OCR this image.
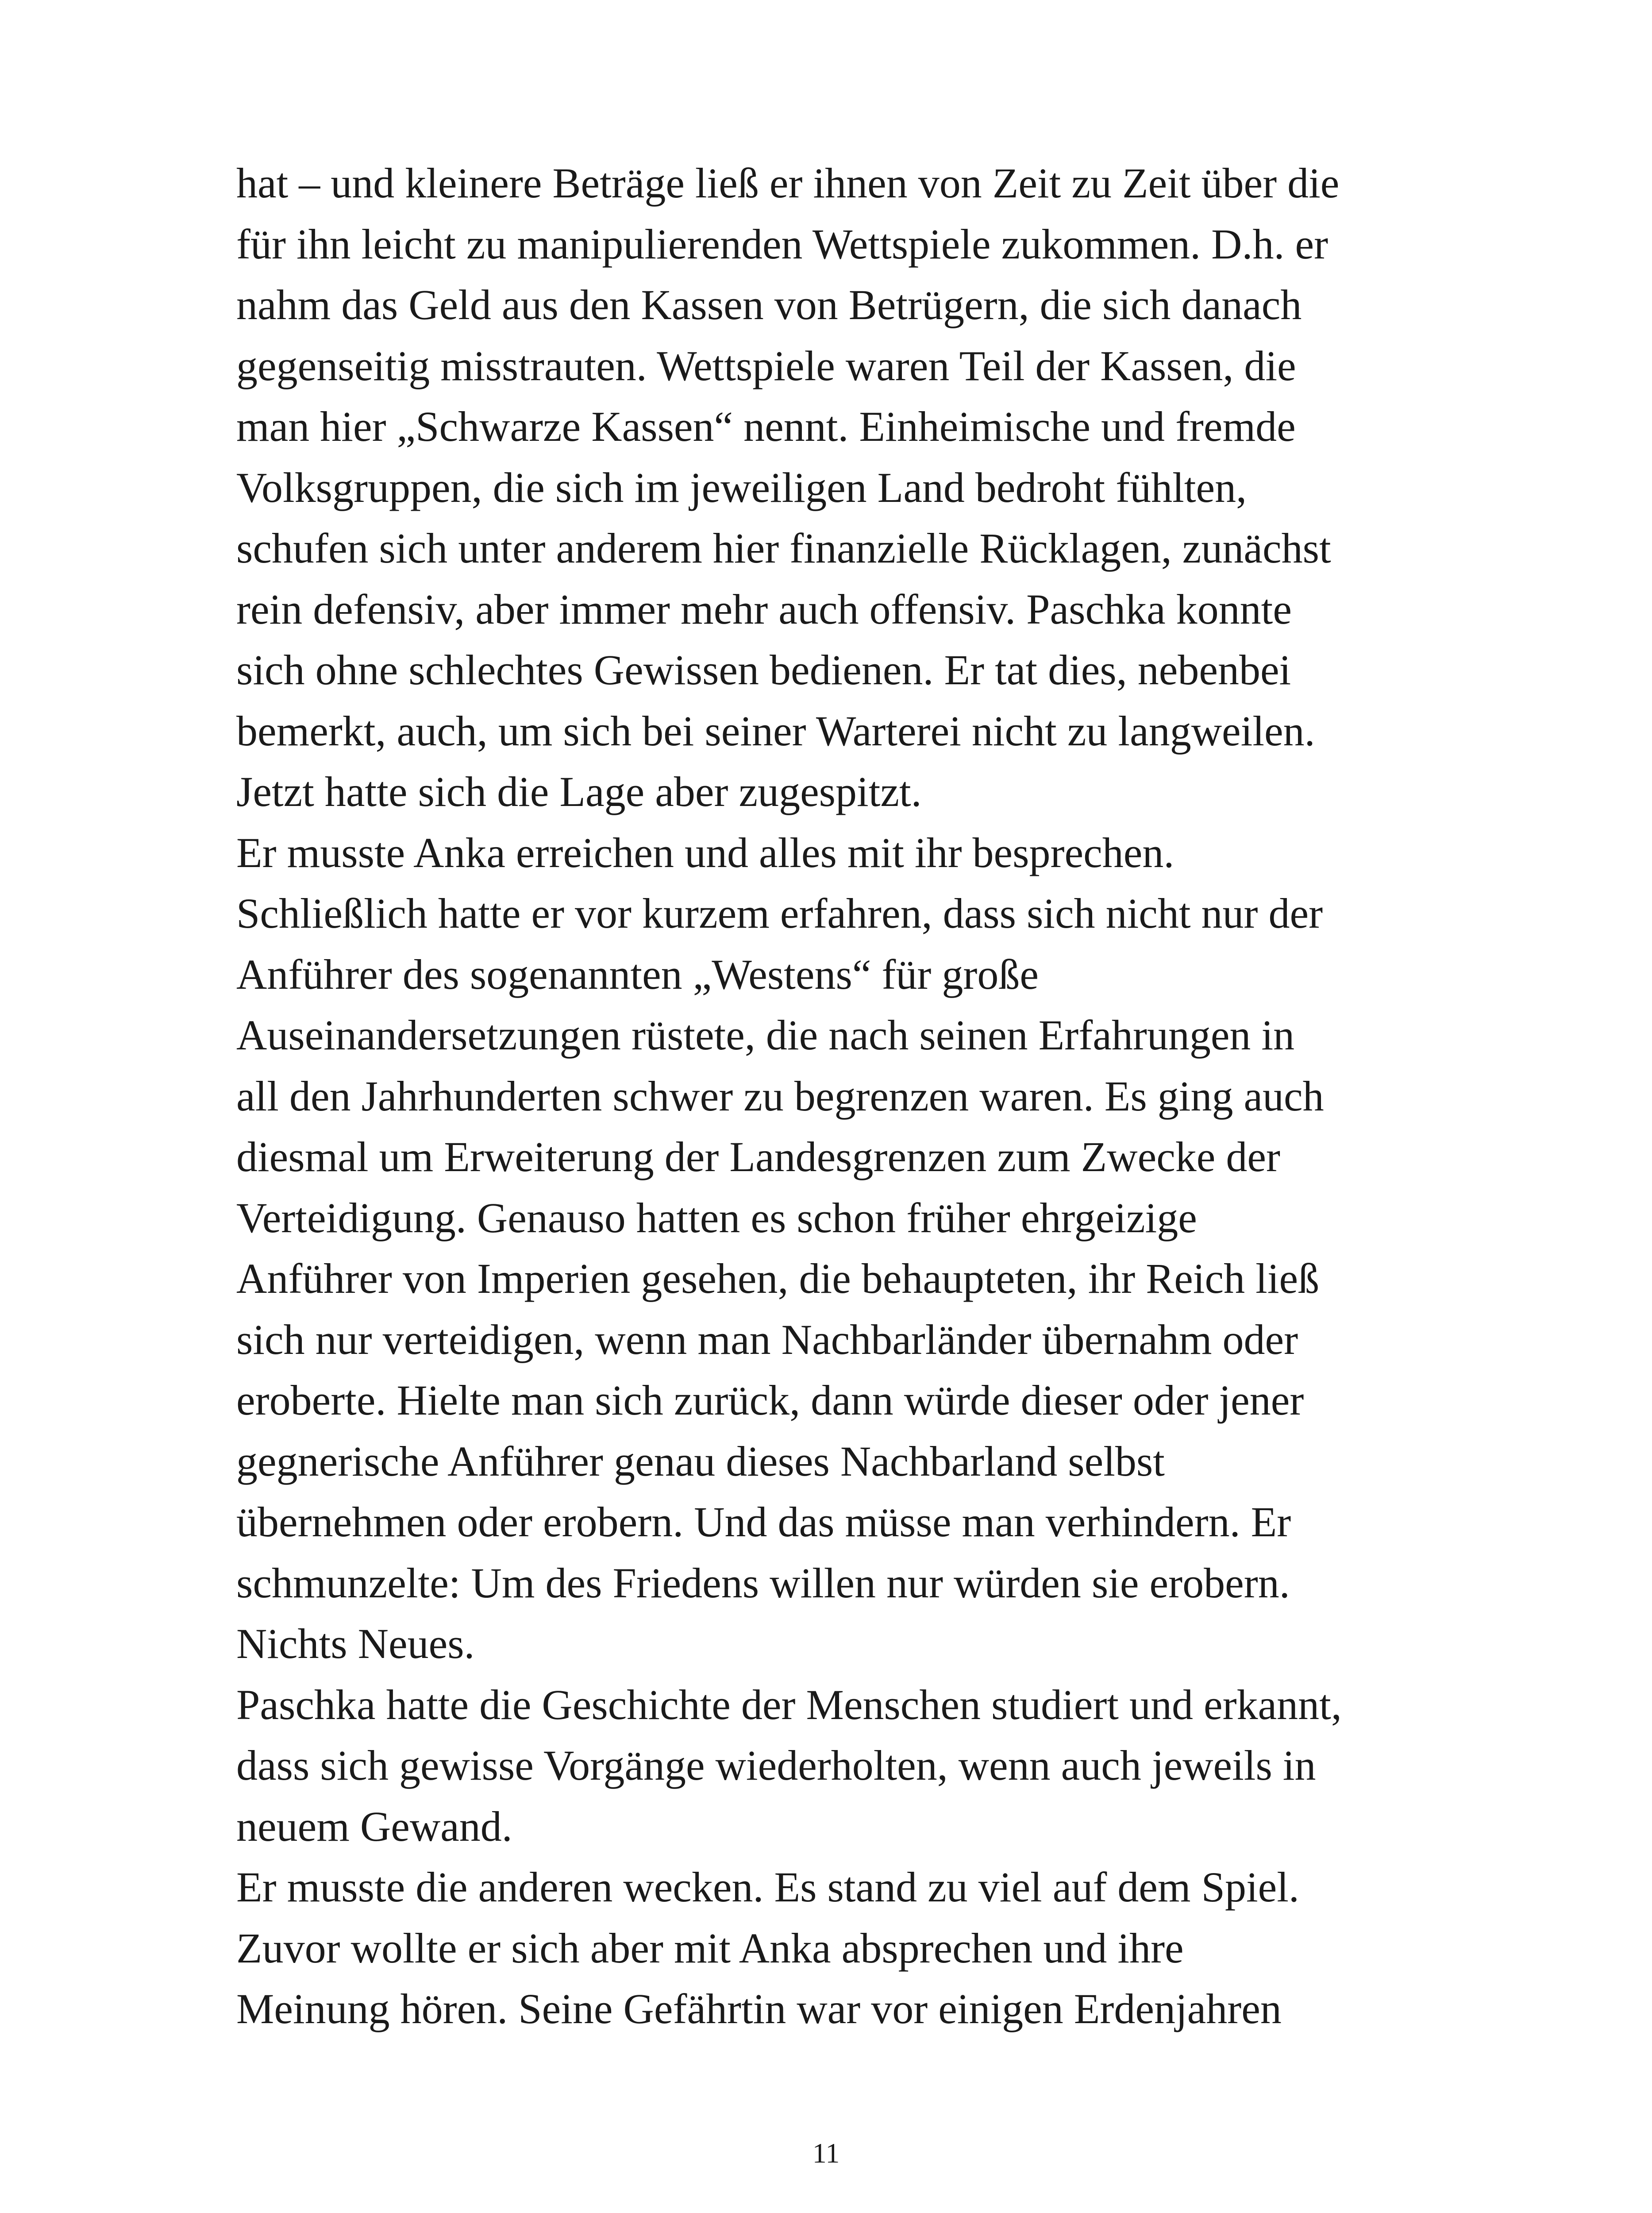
hat – und kleinere Beträge ließ er ihnen von Zeit zu Zeit über die
für ihn leicht zu manipulierenden Wettspiele zukommen. D.h. er
nahm das Geld aus den Kassen von Betrügern, die sich danach
gegenseitig misstrauten. Wettspiele waren Teil der Kassen, die
man hier „Schwarze Kassen“ nennt. Einheimische und fremde
Volksgruppen, die sich im jeweiligen Land bedroht fühlten,
schufen sich unter anderem hier finanzielle Rücklagen, zunächst
rein defensiv, aber immer mehr auch offensiv. Paschka konnte
sich ohne schlechtes Gewissen bedienen. Er tat dies, nebenbei
bemerkt, auch, um sich bei seiner Warterei nicht zu langweilen.
Jetzt hatte sich die Lage aber zugespitzt.
Er musste Anka erreichen und alles mit ihr besprechen.
Schließlich hatte er vor kurzem erfahren, dass sich nicht nur der
Anführer des sogenannten „Westens“ für große
Auseinandersetzungen rüstete, die nach seinen Erfahrungen in
all den Jahrhunderten schwer zu begrenzen waren. Es ging auch
diesmal um Erweiterung der Landesgrenzen zum Zwecke der
Verteidigung. Genauso hatten es schon früher ehrgeizige
Anführer von Imperien gesehen, die behaupteten, ihr Reich ließ
sich nur verteidigen, wenn man Nachbarländer übernahm oder
eroberte. Hielte man sich zurück, dann würde dieser oder jener
gegnerische Anführer genau dieses Nachbarland selbst
übernehmen oder erobern. Und das müsse man verhindern. Er
schmunzelte: Um des Friedens willen nur würden sie erobern.
Nichts Neues.
Paschka hatte die Geschichte der Menschen studiert und erkannt,
dass sich gewisse Vorgänge wiederholten, wenn auch jeweils in
neuem Gewand.
Er musste die anderen wecken. Es stand zu viel auf dem Spiel.
Zuvor wollte er sich aber mit Anka absprechen und ihre
Meinung hören. Seine Gefährtin war vor einigen Erdenjahren
11
